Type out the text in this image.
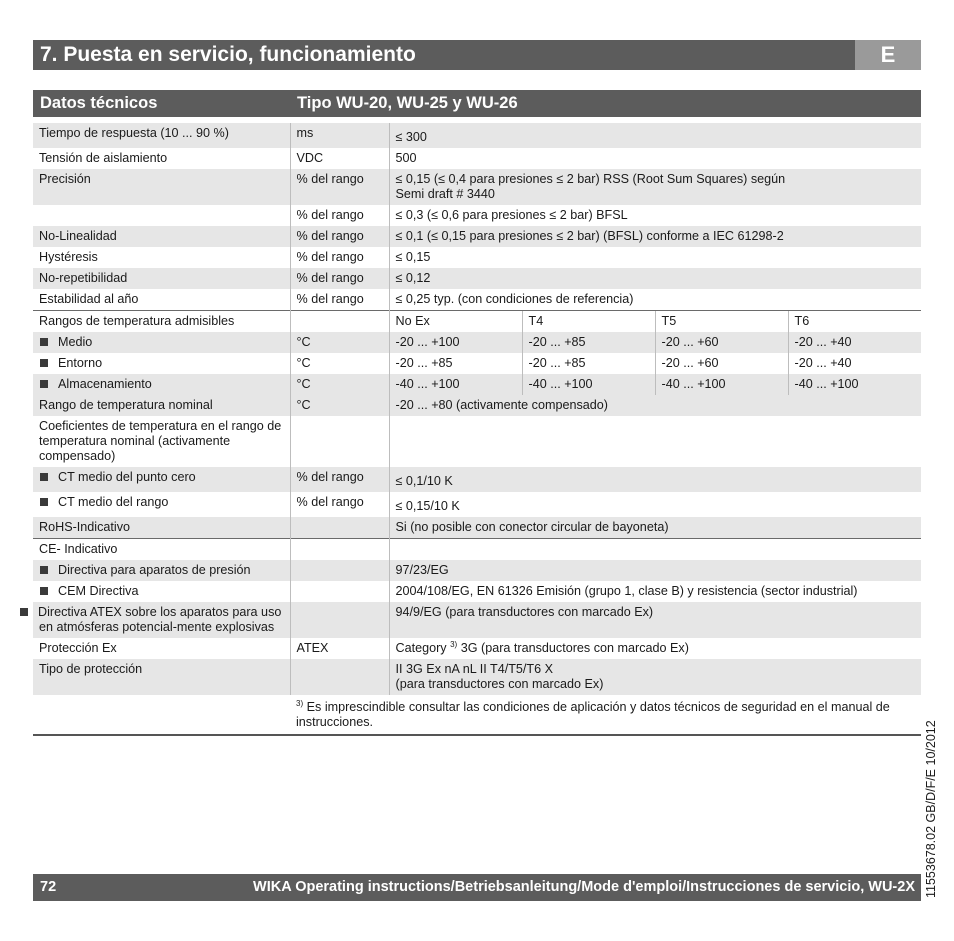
7. Puesta en servicio, funcionamiento	E
Datos técnicos	Tipo WU-20, WU-25 y WU-26
Tiempo de respuesta (10 ... 90 %)	ms	≤ 300			
Tensión de aislamiento	VDC	500			
Precisión	% del rango	≤ 0,15 (≤ 0,4 para presiones ≤ 2 bar) RSS (Root Sum Squares) según
Semi draft # 3440			
	% del rango	≤ 0,3 (≤ 0,6 para presiones ≤ 2 bar) BFSL			
No-Linealidad	% del rango	≤ 0,1 (≤ 0,15 para presiones ≤ 2 bar) (BFSL) conforme a IEC 61298-2			
Hystéresis	% del rango	≤ 0,15			
No-repetibilidad	% del rango	≤ 0,12			
Estabilidad al año	% del rango	≤ 0,25 typ. (con condiciones de referencia)			
Rangos de temperatura admisibles		No Ex	T4	T5	T6
Medio	°C	-20 ... +100	-20 ... +85	-20 ... +60	-20 ... +40
Entorno	°C	-20 ... +85	-20 ... +85	-20 ... +60	-20 ... +40
Almacenamiento	°C	-40 ... +100	-40 ... +100	-40 ... +100	-40 ... +100
Rango de temperatura nominal	°C	-20 ... +80 (activamente compensado)			
Coeficientes de temperatura en el rango de temperatura nominal (activamente compensado)					
CT medio del punto cero	% del rango	≤ 0,1/10 K			
CT medio del rango	% del rango	≤ 0,15/10 K			
RoHS-Indicativo		Si (no posible con conector circular de bayoneta)			
CE- Indicativo					
Directiva para aparatos de presión		97/23/EG			
CEM Directiva		2004/108/EG, EN 61326 Emisión (grupo 1, clase B) y resistencia (sector industrial)			
Directiva ATEX sobre los aparatos para uso en atmósferas potencial-mente explosivas		94/9/EG (para transductores con marcado Ex)			
Protección Ex	ATEX	Category $^{3)}$ 3G (para transductores con marcado Ex)			
Tipo de protección		II 3G Ex nA nL II T4/T5/T6 X
(para transductores con marcado Ex)			
	$^{3)}$ Es imprescindible consultar las condiciones de aplicación y datos técnicos de seguridad en el manual de instrucciones.				
72	WIKA Operating instructions/Betriebsanleitung/Mode d'emploi/Instrucciones de servicio, WU-2X 11553678.02 GB/D/F/E 10/2012
